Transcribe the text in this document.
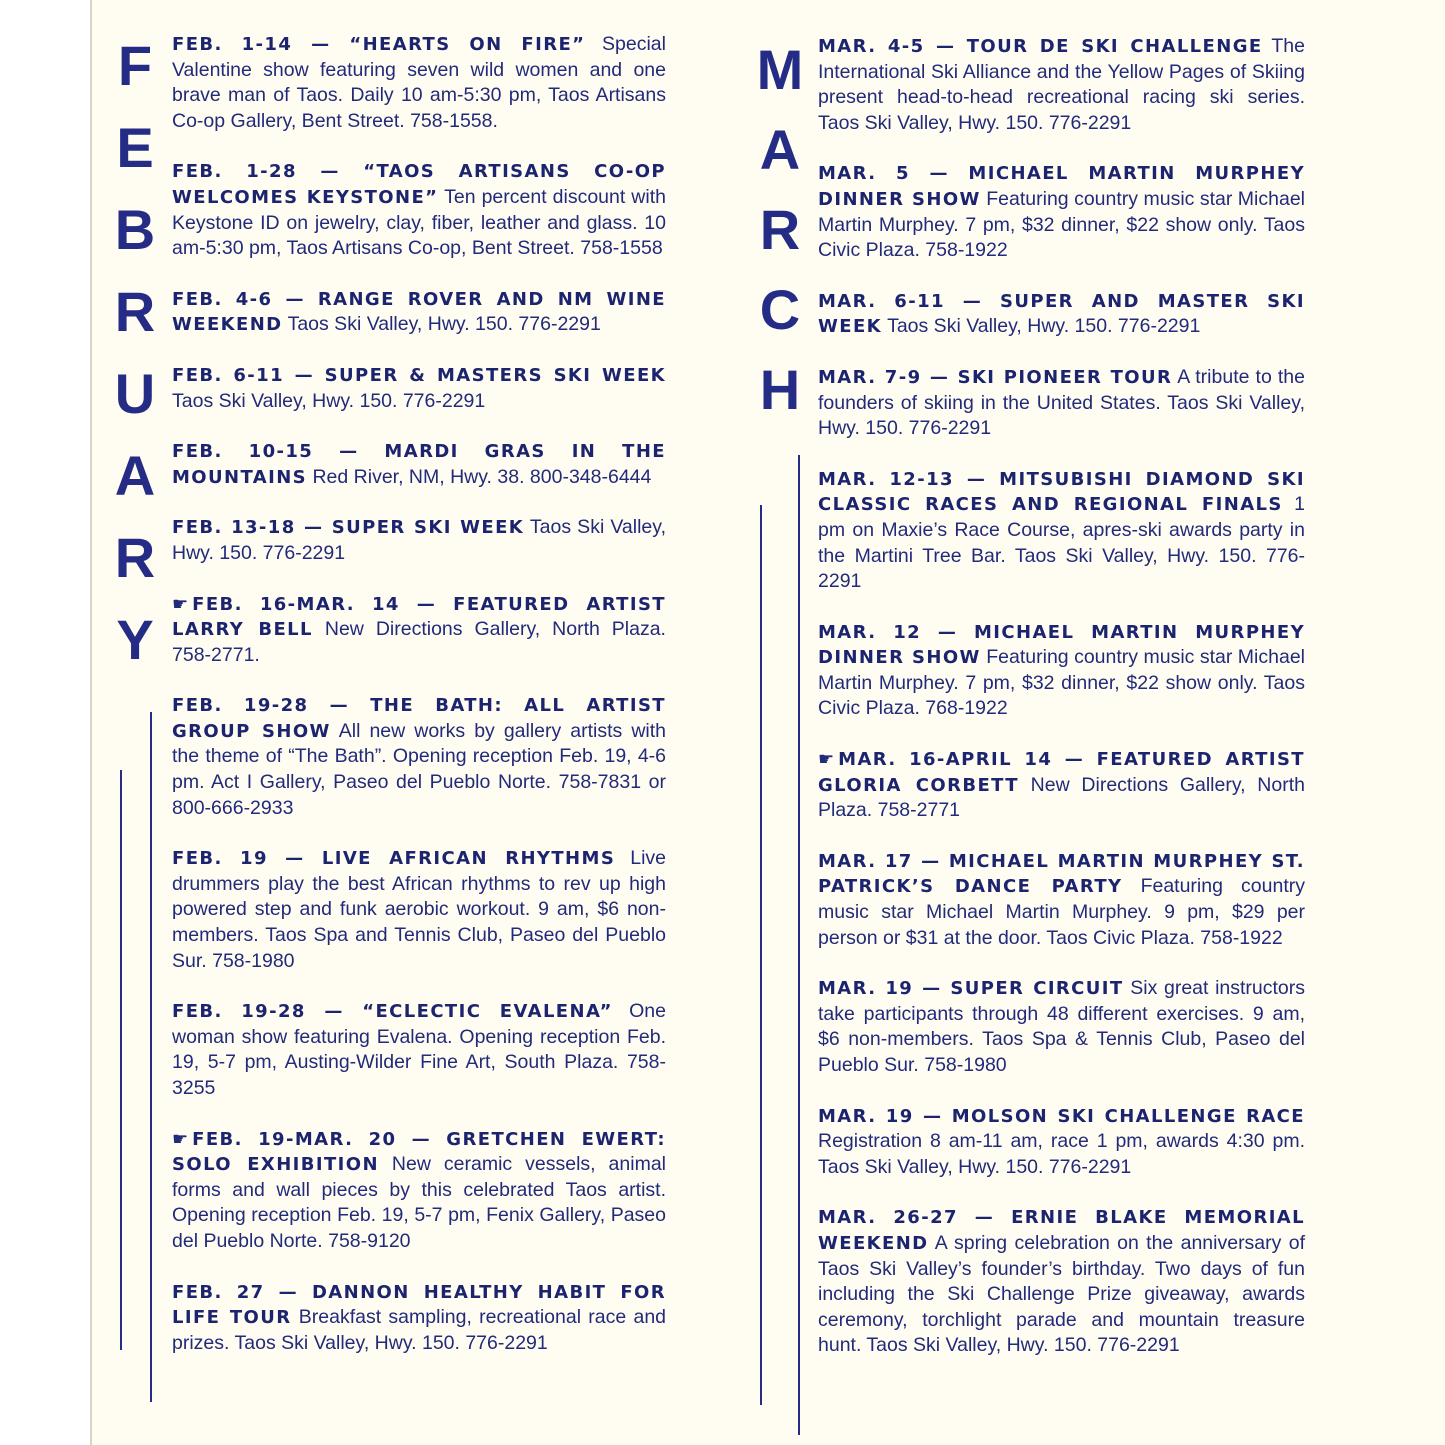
F
E
B
R
U
A
R
Y
M
A
R
C
H

FEB. 1-14 — “HEARTS ON FIRE” Special Valentine show featuring seven wild women and one brave man of Taos. Daily 10 am-5:30 pm, Taos Artisans Co-op Gallery, Bent Street. 758-1558.

FEB. 1-28 — “TAOS ARTISANS CO-OP WELCOMES KEYSTONE” Ten percent discount with Keystone ID on jewelry, clay, fiber, leather and glass. 10 am-5:30 pm, Taos Artisans Co-op, Bent Street. 758-1558

FEB. 4-6 — RANGE ROVER AND NM WINE WEEKEND Taos Ski Valley, Hwy. 150. 776-2291

FEB. 6-11 — SUPER & MASTERS SKI WEEK Taos Ski Valley, Hwy. 150. 776-2291

FEB. 10-15 — MARDI GRAS IN THE MOUNTAINS Red River, NM, Hwy. 38. 800-348-6444

FEB. 13-18 — SUPER SKI WEEK Taos Ski Valley, Hwy. 150. 776-2291

☛ FEB. 16-MAR. 14 — FEATURED ARTIST LARRY BELL New Directions Gallery, North Plaza. 758-2771.

FEB. 19-28 — THE BATH: ALL ARTIST GROUP SHOW All new works by gallery artists with the theme of “The Bath”. Opening reception Feb. 19, 4-6 pm. Act I Gallery, Paseo del Pueblo Norte. 758-7831 or 800-666-2933

FEB. 19 — LIVE AFRICAN RHYTHMS Live drummers play the best African rhythms to rev up high powered step and funk aerobic workout. 9 am, $6 non-members. Taos Spa and Tennis Club, Paseo del Pueblo Sur. 758-1980

FEB. 19-28 — “ECLECTIC EVALENA” One woman show featuring Evalena. Opening reception Feb. 19, 5-7 pm, Austing-Wilder Fine Art, South Plaza. 758-3255

☛ FEB. 19-MAR. 20 — GRETCHEN EWERT: SOLO EXHIBITION New ceramic vessels, animal forms and wall pieces by this celebrated Taos artist. Opening reception Feb. 19, 5-7 pm, Fenix Gallery, Paseo del Pueblo Norte. 758-9120

FEB. 27 — DANNON HEALTHY HABIT FOR LIFE TOUR Breakfast sampling, recreational race and prizes. Taos Ski Valley, Hwy. 150. 776-2291

MAR. 4-5 — TOUR DE SKI CHALLENGE The International Ski Alliance and the Yellow Pages of Skiing present head-to-head recreational racing ski series. Taos Ski Valley, Hwy. 150. 776-2291

MAR. 5 — MICHAEL MARTIN MURPHEY DINNER SHOW Featuring country music star Michael Martin Murphey. 7 pm, $32 dinner, $22 show only. Taos Civic Plaza. 758-1922

MAR. 6-11 — SUPER AND MASTER SKI WEEK Taos Ski Valley, Hwy. 150. 776-2291

MAR. 7-9 — SKI PIONEER TOUR A tribute to the founders of skiing in the United States. Taos Ski Valley, Hwy. 150. 776-2291

MAR. 12-13 — MITSUBISHI DIAMOND SKI CLASSIC RACES AND REGIONAL FINALS 1 pm on Maxie’s Race Course, apres-ski awards party in the Martini Tree Bar. Taos Ski Valley, Hwy. 150. 776-2291

MAR. 12 — MICHAEL MARTIN MURPHEY DINNER SHOW Featuring country music star Michael Martin Murphey. 7 pm, $32 dinner, $22 show only. Taos Civic Plaza. 768-1922

☛ MAR. 16-APRIL 14 — FEATURED ARTIST GLORIA CORBETT New Directions Gallery, North Plaza. 758-2771

MAR. 17 — MICHAEL MARTIN MURPHEY ST. PATRICK’S DANCE PARTY Featuring country music star Michael Martin Murphey. 9 pm, $29 per person or $31 at the door. Taos Civic Plaza. 758-1922

MAR. 19 — SUPER CIRCUIT Six great instructors take participants through 48 different exercises. 9 am, $6 non-members. Taos Spa & Tennis Club, Paseo del Pueblo Sur. 758-1980

MAR. 19 — MOLSON SKI CHALLENGE RACE Registration 8 am-11 am, race 1 pm, awards 4:30 pm. Taos Ski Valley, Hwy. 150. 776-2291

MAR. 26-27 — ERNIE BLAKE MEMORIAL WEEKEND A spring celebration on the anniversary of Taos Ski Valley’s founder’s birthday. Two days of fun including the Ski Challenge Prize giveaway, awards ceremony, torchlight parade and mountain treasure hunt. Taos Ski Valley, Hwy. 150. 776-2291
